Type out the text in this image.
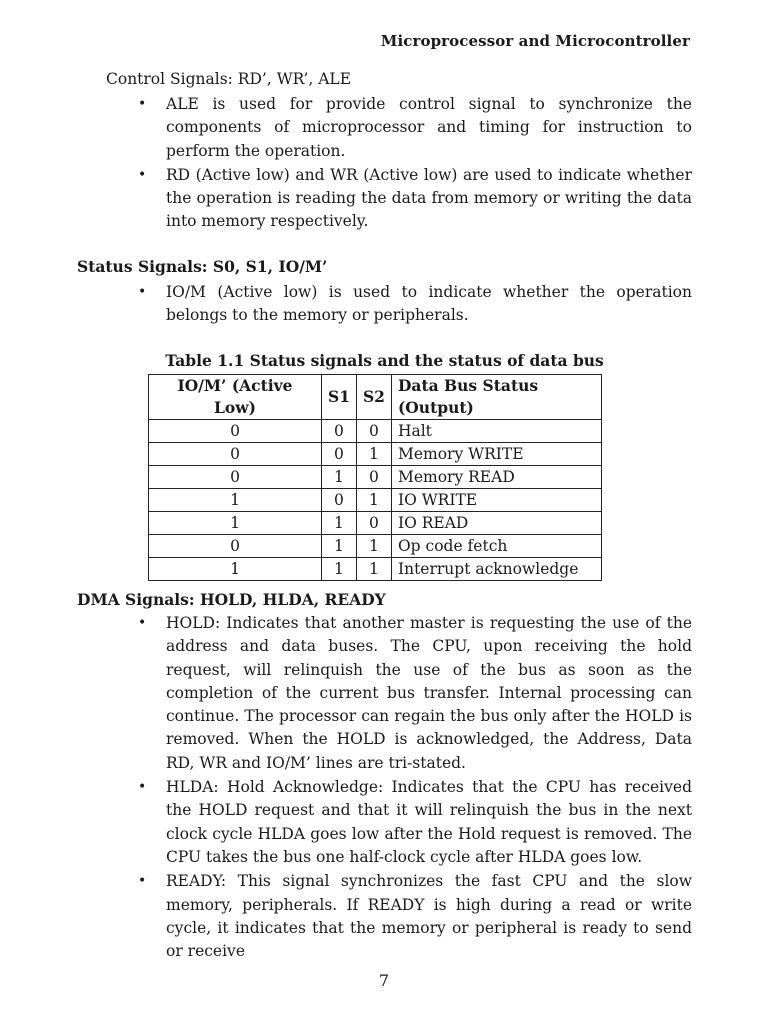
Microprocessor and Microcontroller
Control Signals: RD’, WR’, ALE
•	ALE is used for provide control signal to synchronize the components of microprocessor and timing for instruction to perform the operation.
•	RD (Active low) and WR (Active low) are used to indicate whether the operation is reading the data from memory or writing the data into memory respectively.
Status Signals: S0, S1, IO/M’
•	IO/M (Active low) is used to indicate whether the operation belongs to the memory or peripherals.
Table 1.1 Status signals and the status of data bus
IO/M’ (Active Low)	S1	S2	Data Bus Status (Output)
0	0	0	Halt
0	0	1	Memory WRITE
0	1	0	Memory READ
1	0	1	IO WRITE
1	1	0	IO READ
0	1	1	Op code fetch
1	1	1	Interrupt acknowledge
DMA Signals: HOLD, HLDA, READY
•	HOLD: Indicates that another master is requesting the use of the address and data buses. The CPU, upon receiving the hold request, will relinquish the use of the bus as soon as the completion of the current bus transfer. Internal processing can continue. The processor can regain the bus only after the HOLD is removed. When the HOLD is acknowledged, the Address, Data RD, WR and IO/M’ lines are tri-stated.
•	HLDA: Hold Acknowledge: Indicates that the CPU has received the HOLD request and that it will relinquish the bus in the next clock cycle HLDA goes low after the Hold request is removed. The CPU takes the bus one half-clock cycle after HLDA goes low.
•	READY: This signal synchronizes the fast CPU and the slow memory, peripherals. If READY is high during a read or write cycle, it indicates that the memory or peripheral is ready to send or receive
7
